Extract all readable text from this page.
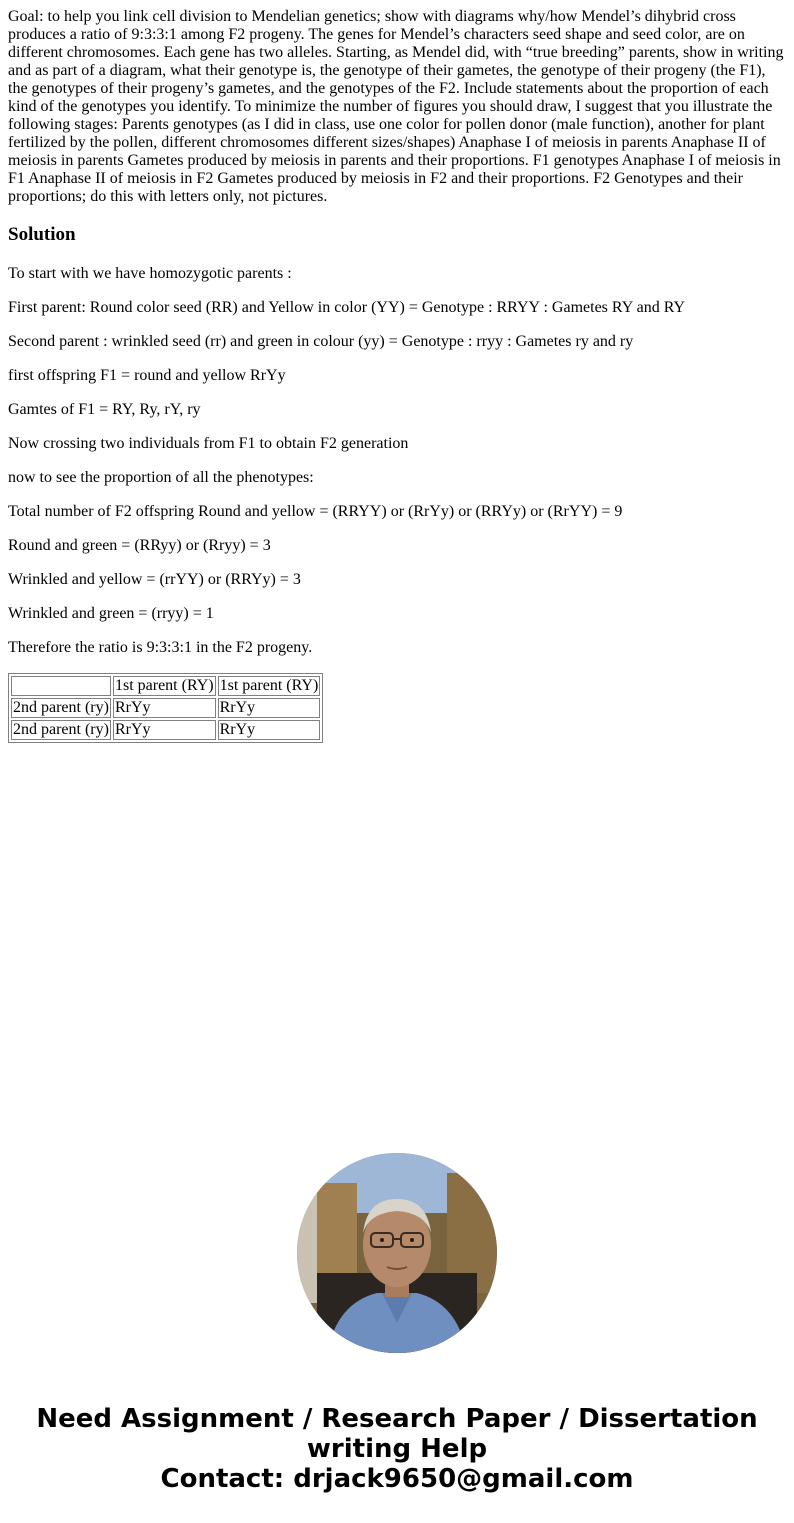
Goal: to help you link cell division to Mendelian genetics; show with diagrams why/how Mendel’s dihybrid cross produces a ratio of 9:3:3:1 among F2 progeny. The genes for Mendel’s characters seed shape and seed color, are on different chromosomes. Each gene has two alleles. Starting, as Mendel did, with “true breeding” parents, show in writing and as part of a diagram, what their genotype is, the genotype of their gametes, the genotype of their progeny (the F1), the genotypes of their progeny’s gametes, and the genotypes of the F2. Include statements about the proportion of each kind of the genotypes you identify. To minimize the number of figures you should draw, I suggest that you illustrate the following stages: Parents genotypes (as I did in class, use one color for pollen donor (male function), another for plant fertilized by the pollen, different chromosomes different sizes/shapes) Anaphase I of meiosis in parents Anaphase II of meiosis in parents Gametes produced by meiosis in parents and their proportions. F1 genotypes Anaphase I of meiosis in F1 Anaphase II of meiosis in F2 Gametes produced by meiosis in F2 and their proportions. F2 Genotypes and their proportions; do this with letters only, not pictures.
Solution

To start with we have homozygotic parents :

First parent: Round color seed (RR) and Yellow in color (YY) = Genotype : RRYY : Gametes RY and RY

Second parent : wrinkled seed (rr) and green in colour (yy) = Genotype : rryy : Gametes ry and ry

first offspring F1 = round and yellow RrYy

Gamtes of F1 = RY, Ry, rY, ry

Now crossing two individuals from F1 to obtain F2 generation

now to see the proportion of all the phenotypes:

Total number of F2 offspring Round and yellow = (RRYY) or (RrYy) or (RRYy) or (RrYY) = 9

Round and green = (RRyy) or (Rryy) = 3

Wrinkled and yellow = (rrYY) or (RRYy) = 3

Wrinkled and green = (rryy) = 1

Therefore the ratio is 9:3:3:1 in the F2 progeny.

	1st parent (RY)	1st parent (RY)
2nd parent (ry)	RrYy	RrYy
2nd parent (ry)	RrYy	RrYy
Need Assignment / Research Paper / Dissertation
writing Help
Contact: drjack9650@gmail.com
